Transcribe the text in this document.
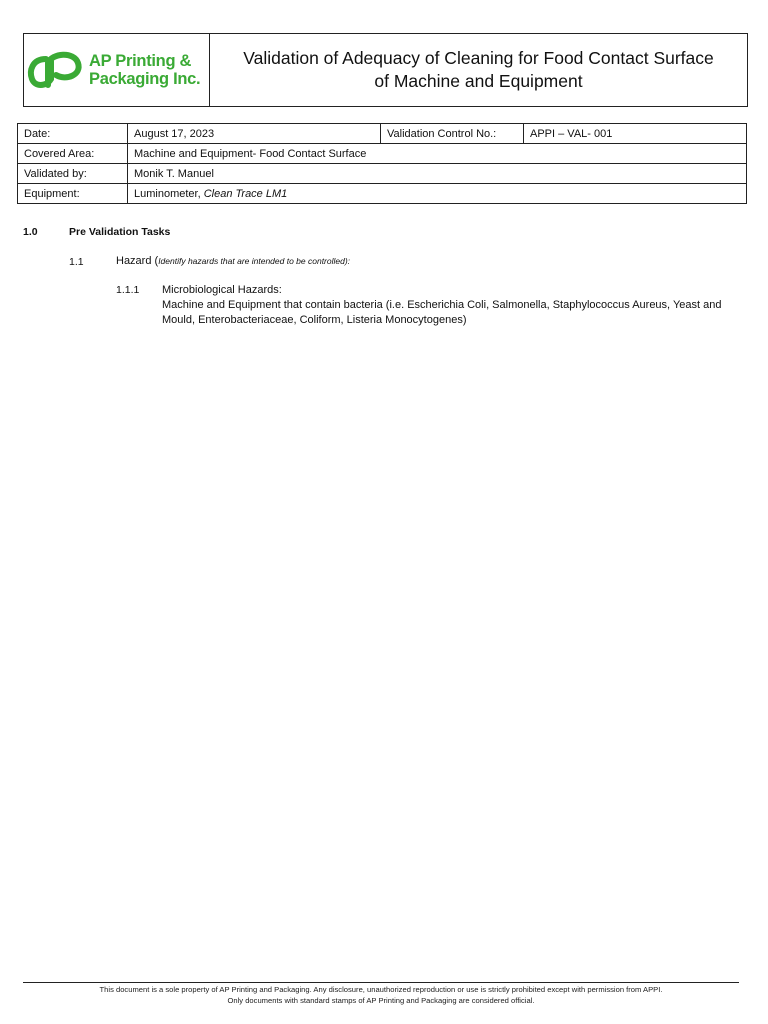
AP Printing &
Packaging Inc.
Validation of Adequacy of Cleaning for Food Contact Surface
of Machine and Equipment
Date:	August 17, 2023	Validation Control No.:	APPI – VAL- 001
Covered Area:	Machine and Equipment- Food Contact Surface		
Validated by:	Monik T. Manuel		
Equipment:	Luminometer, Clean Trace LM1		
1.0	Pre Validation Tasks
1.1	Hazard (Identify hazards that are intended to be controlled):
1.1.1 Microbiological Hazards:
Machine and Equipment that contain bacteria (i.e. Escherichia Coli, Salmonella, Staphylococcus Aureus, Yeast and Mould, Enterobacteriaceae, Coliform, Listeria Monocytogenes)
This document is a sole property of AP Printing and Packaging. Any disclosure, unauthorized reproduction or use is strictly prohibited except with permission from APPI.
Only documents with standard stamps of AP Printing and Packaging are considered official.
